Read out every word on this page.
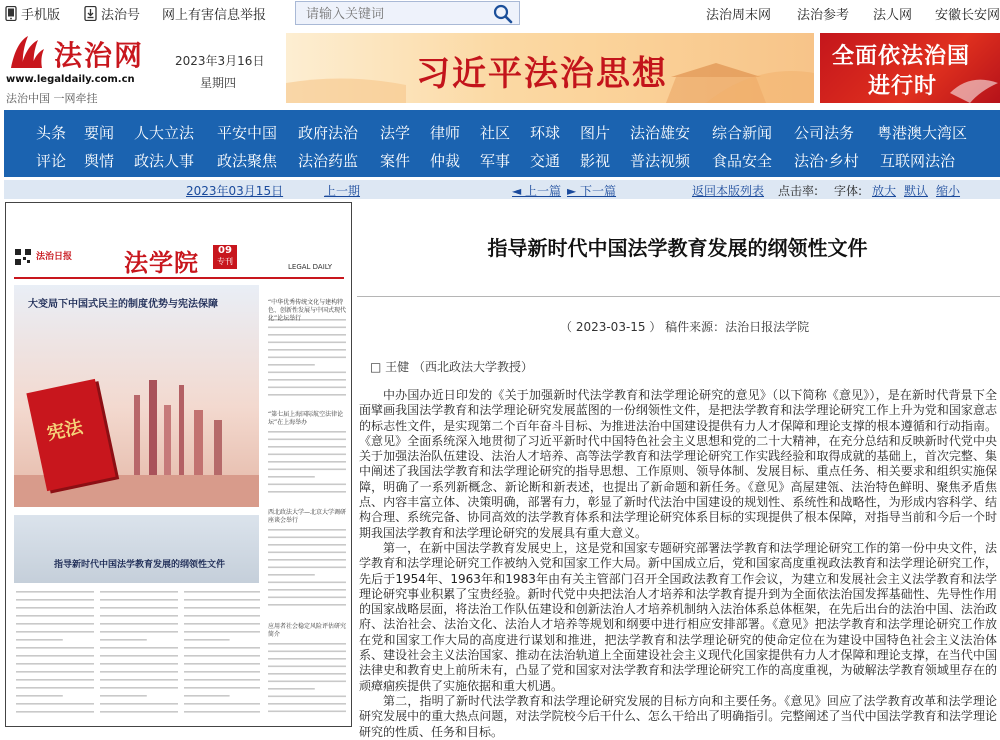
手机版	法治号 网上有害信息举报
请输入关键词	法治周末网 法治参考 法人网 安徽长安网
法治网
www.legaldaily.com.cn
法治中国 一网牵挂
2023年3月16日
星期四	习近平法治思想	全面依法治国
进行时
头条 要闻 人大立法 平安中国 政府法治 法学 律师 社区 环球 图片 法治雄安 综合新闻 公司法务 粤港澳大湾区
评论 舆情 政法人事 政法聚焦 法治药监 案件 仲裁 军事 交通 影视 普法视频 食品安全 法治·乡村 互联网法治
2023年03月15日	上一期	◄ 上一篇 ► 下一篇	返回本版列表 点击率: 字体: 放大 默认 缩小
法治日报 法学院	09
专刊
LEGAL DAILY
大变局下中国式民主的制度优势与宪法保障
宪法
指导新时代中国法学教育发展的纲领性文件
“中华优秀传统文化与建构特色、创新性发展与中国式现代化”论坛举行
“第七届上海国际航空法律论坛”在上海举办
西北政法大学—北京大学调研座谈会举行
应用者社会稳定风险评估研究简介
指导新时代中国法学教育发展的纲领性文件
（ 2023-03-15 ） 稿件来源：法治日报法学院
□ 王健 （西北政法大学教授）

中办国办近日印发的《关于加强新时代法学教育和法学理论研究的意见》（以下简称《意见》），是在新时代背景下全面擘画我国法学教育和法学理论研究发展蓝图的一份纲领性文件，是把法学教育和法学理论研究工作上升为党和国家意志的标志性文件，是实现第二个百年奋斗目标、为推进法治中国建设提供有力人才保障和理论支撑的根本遵循和行动指南。《意见》全面系统深入地贯彻了习近平新时代中国特色社会主义思想和党的二十大精神，在充分总结和反映新时代党中央关于加强法治队伍建设、法治人才培养、高等法学教育和法学理论研究工作实践经验和取得成就的基础上，首次完整、集中阐述了我国法学教育和法学理论研究的指导思想、工作原则、领导体制、发展目标、重点任务、相关要求和组织实施保障，明确了一系列新概念、新论断和新表述，也提出了新命题和新任务。《意见》高屋建瓴、法治特色鲜明、聚焦矛盾焦点、内容丰富立体、决策明确，部署有力，彰显了新时代法治中国建设的规划性、系统性和战略性，为形成内容科学、结构合理、系统完备、协同高效的法学教育体系和法学理论研究体系目标的实现提供了根本保障，对指导当前和今后一个时期我国法学教育和法学理论研究的发展具有重大意义。

第一，在新中国法学教育发展史上，这是党和国家专题研究部署法学教育和法学理论研究工作的第一份中央文件，法学教育和法学理论研究工作被纳入党和国家工作大局。新中国成立后，党和国家高度重视政法教育和法学理论研究工作，先后于1954年、1963年和1983年由有关主管部门召开全国政法教育工作会议，为建立和发展社会主义法学教育和法学理论研究事业积累了宝贵经验。新时代党中央把法治人才培养和法学教育提升到为全面依法治国发挥基础性、先导性作用的国家战略层面，将法治工作队伍建设和创新法治人才培养机制纳入法治体系总体框架，在先后出台的法治中国、法治政府、法治社会、法治文化、法治人才培养等规划和纲要中进行相应安排部署。《意见》把法学教育和法学理论研究工作放在党和国家工作大局的高度进行谋划和推进，把法学教育和法学理论研究的使命定位在为建设中国特色社会主义法治体系、建设社会主义法治国家、推动在法治轨道上全面建设社会主义现代化国家提供有力人才保障和理论支撑，在当代中国法律史和教育史上前所未有，凸显了党和国家对法学教育和法学理论研究工作的高度重视，为破解法学教育领域里存在的顽瘴痼疾提供了实施依据和重大机遇。

第二，指明了新时代法学教育和法学理论研究发展的目标方向和主要任务。《意见》回应了法学教育改革和法学理论研究发展中的重大热点问题，对法学院校今后干什么、怎么干给出了明确指引。完整阐述了当代中国法学教育和法学理论研究的性质、任务和目标。
